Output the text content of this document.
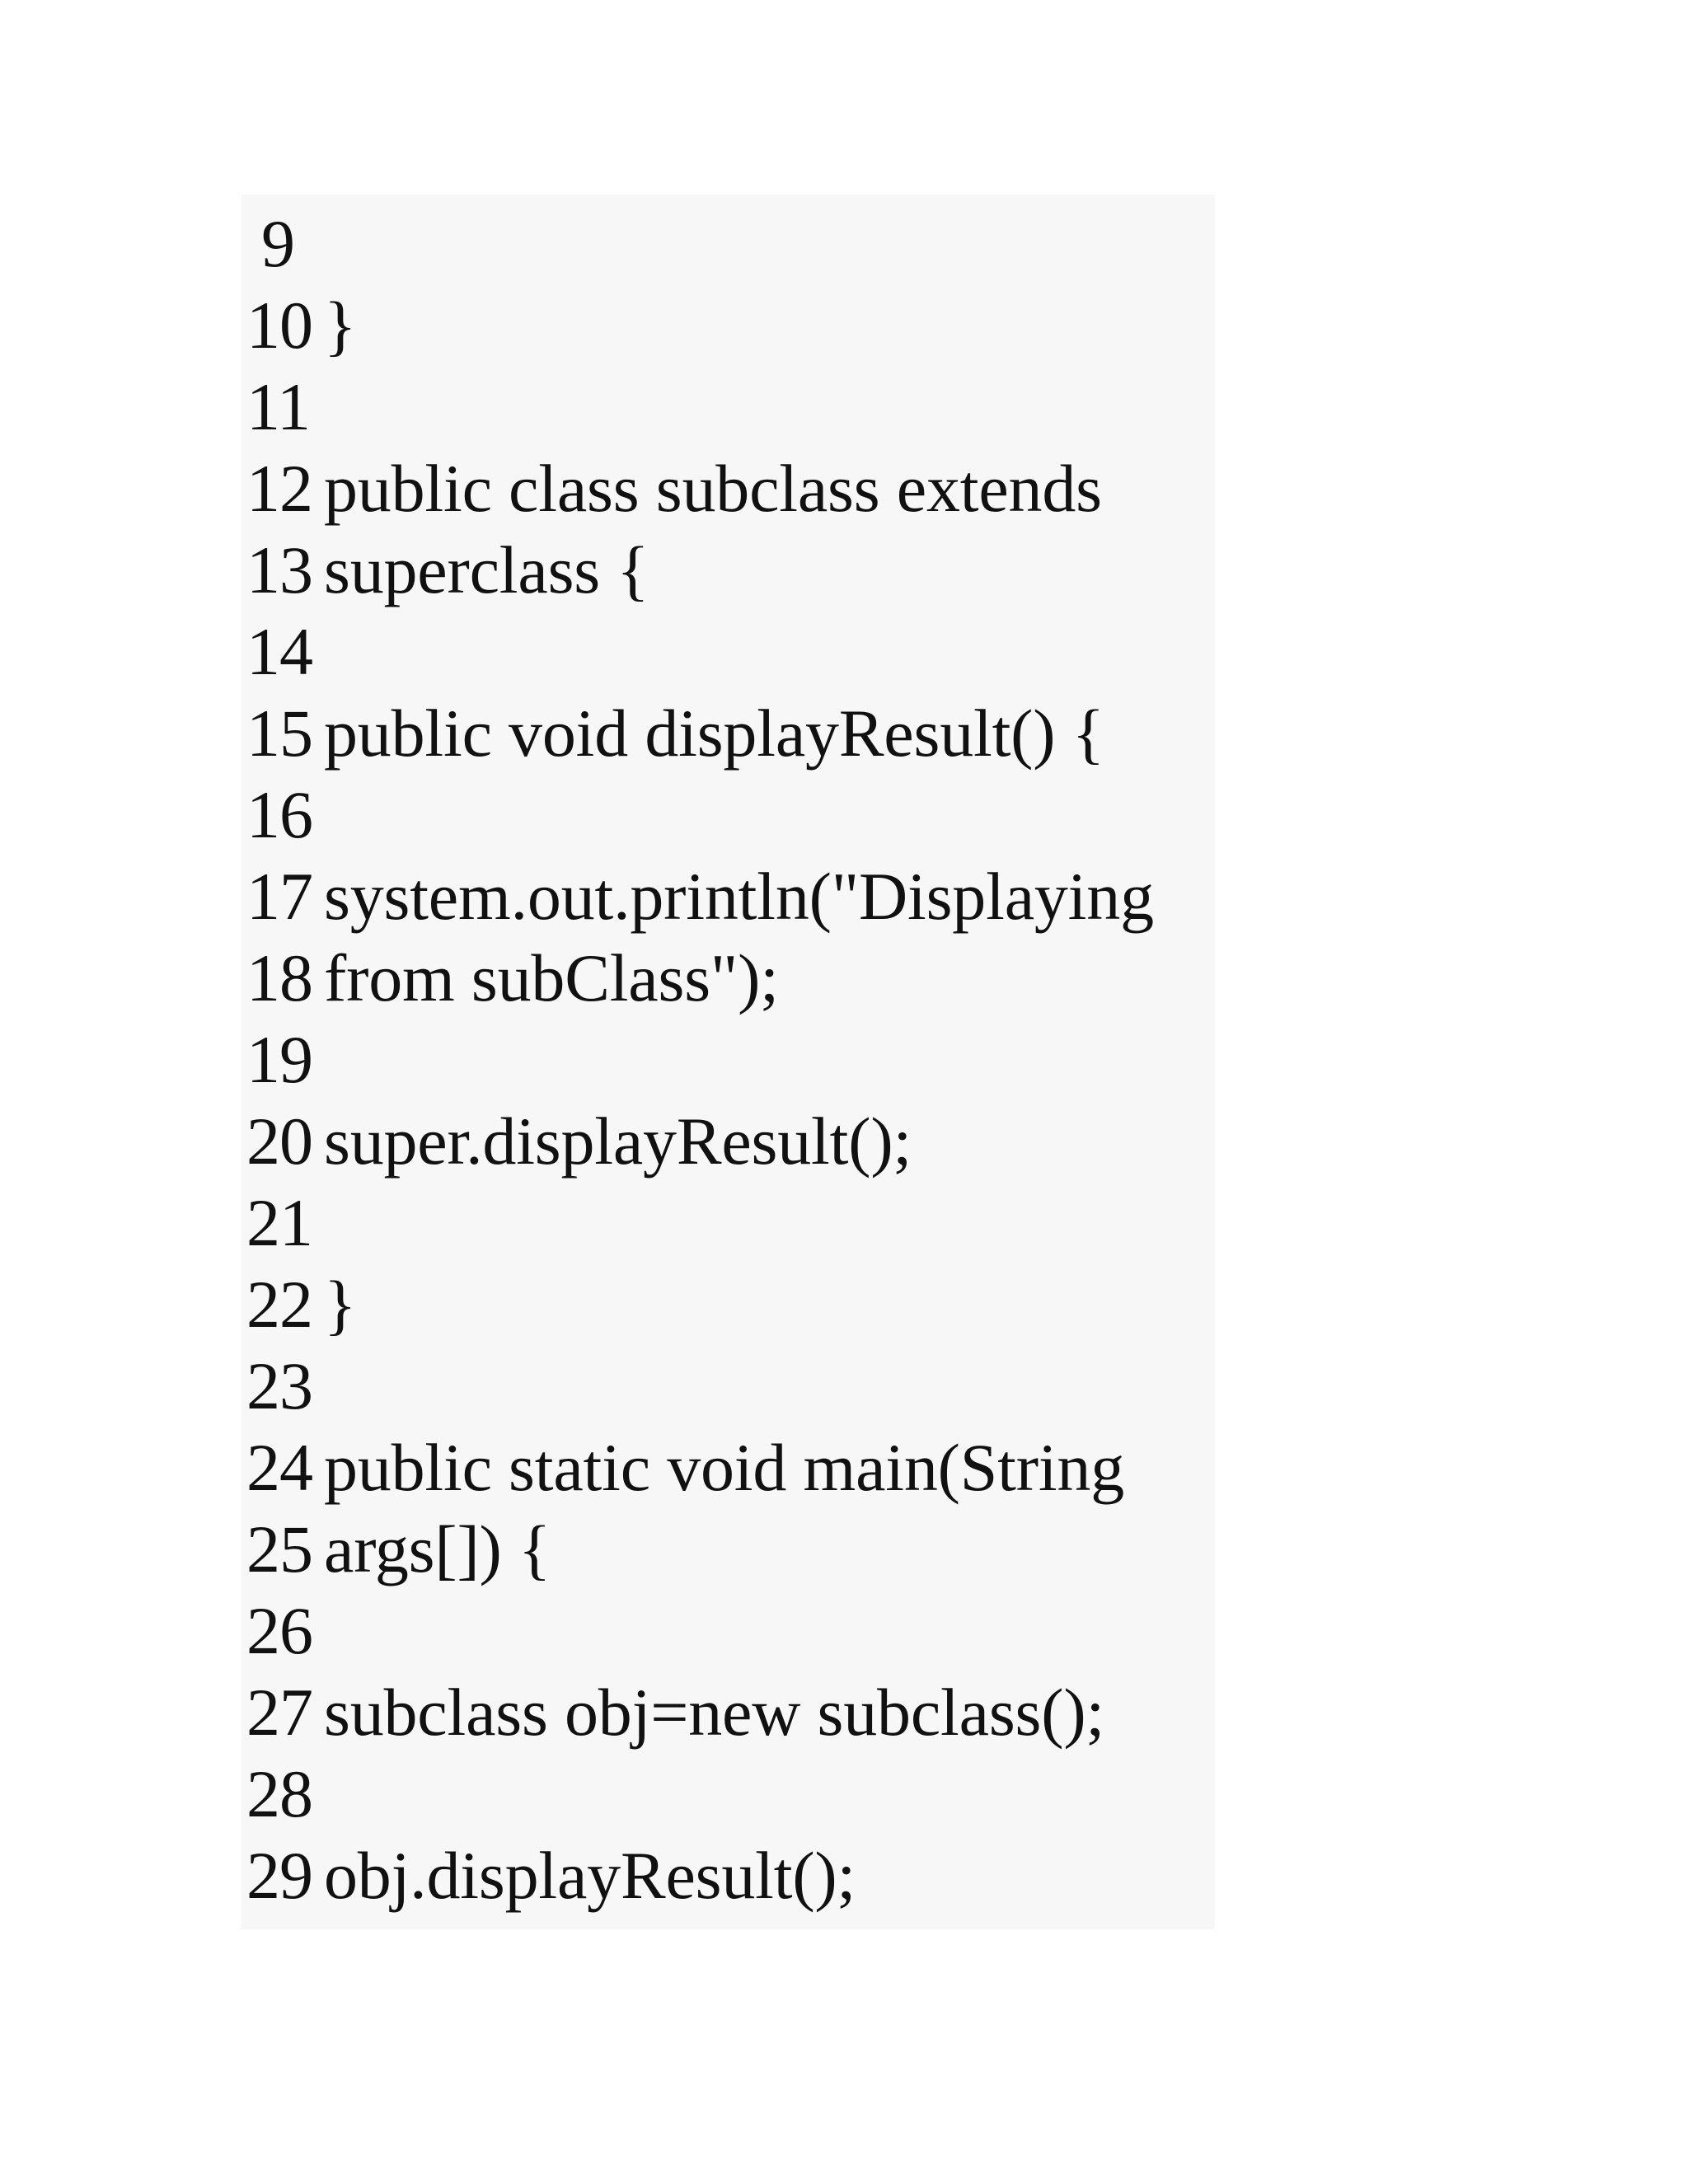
9
10 }
11
12 public class subclass extends
13 superclass {
14
15 public void displayResult() {
16
17 system.out.println("Displaying
18 from subClass");
19
20 super.displayResult();
21
22 }
23
24 public static void main(String
25 args[]) {
26
27 subclass obj=new subclass();
28
29 obj.displayResult();
